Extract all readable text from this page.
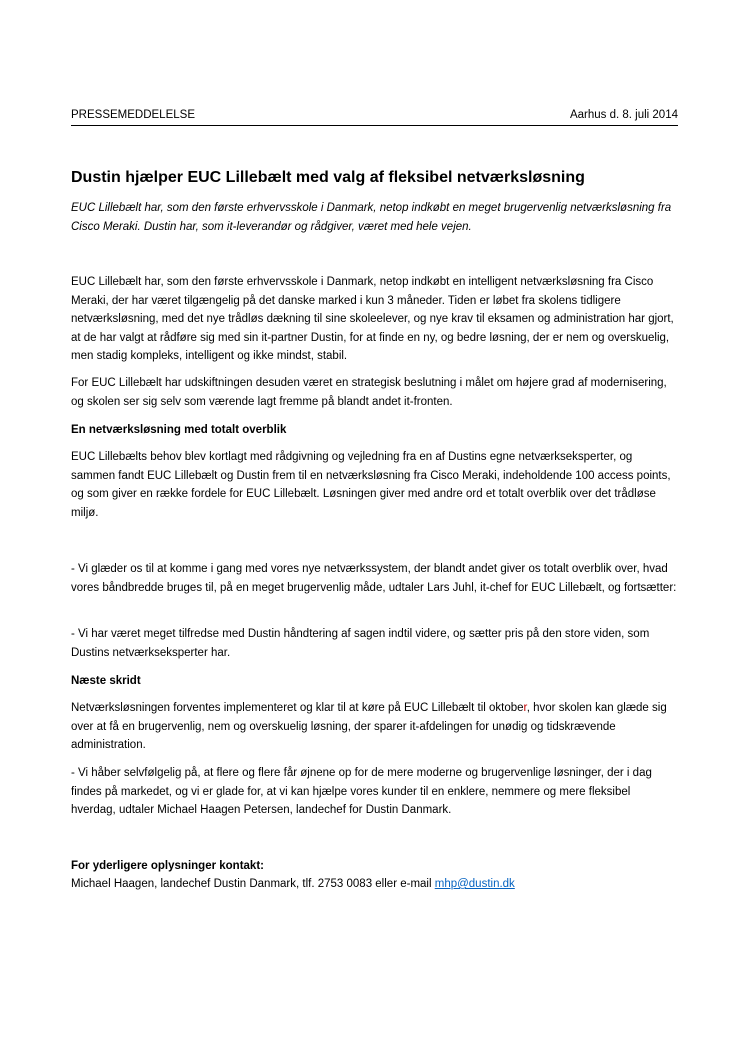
PRESSEMEDDELELSE	Aarhus d. 8. juli 2014
Dustin hjælper EUC Lillebælt med valg af fleksibel netværksløsning

EUC Lillebælt har, som den første erhvervsskole i Danmark, netop indkøbt en meget brugervenlig netværksløsning fra Cisco Meraki. Dustin har, som it-leverandør og rådgiver, været med hele vejen.

EUC Lillebælt har, som den første erhvervsskole i Danmark, netop indkøbt en intelligent netværksløsning fra Cisco Meraki, der har været tilgængelig på det danske marked i kun 3 måneder. Tiden er løbet fra skolens tidligere netværksløsning, med det nye trådløs dækning til sine skoleelever, og nye krav til eksamen og administration har gjort, at de har valgt at rådføre sig med sin it-partner Dustin, for at finde en ny, og bedre løsning, der er nem og overskuelig, men stadig kompleks, intelligent og ikke mindst, stabil.

For EUC Lillebælt har udskiftningen desuden været en strategisk beslutning i målet om højere grad af modernisering, og skolen ser sig selv som værende lagt fremme på blandt andet it-fronten.

En netværksløsning med totalt overblik

EUC Lillebælts behov blev kortlagt med rådgivning og vejledning fra en af Dustins egne netværkseksperter, og sammen fandt EUC Lillebælt og Dustin frem til en netværksløsning fra Cisco Meraki, indeholdende 100 access points, og som giver en række fordele for EUC Lillebælt. Løsningen giver med andre ord et totalt overblik over det trådløse miljø.

- Vi glæder os til at komme i gang med vores nye netværkssystem, der blandt andet giver os totalt overblik over, hvad vores båndbredde bruges til, på en meget brugervenlig måde, udtaler Lars Juhl, it-chef for EUC Lillebælt, og fortsætter:

- Vi har været meget tilfredse med Dustin håndtering af sagen indtil videre, og sætter pris på den store viden, som Dustins netværkseksperter har.

Næste skridt

Netværksløsningen forventes implementeret og klar til at køre på EUC Lillebælt til oktober, hvor skolen kan glæde sig over at få en brugervenlig, nem og overskuelig løsning, der sparer it-afdelingen for unødig og tidskrævende administration.

- Vi håber selvfølgelig på, at flere og flere får øjnene op for de mere moderne og brugervenlige løsninger, der i dag findes på markedet, og vi er glade for, at vi kan hjælpe vores kunder til en enklere, nemmere og mere fleksibel hverdag, udtaler Michael Haagen Petersen, landechef for Dustin Danmark.

For yderligere oplysninger kontakt:

Michael Haagen, landechef Dustin Danmark, tlf. 2753 0083 eller e-mail mhp@dustin.dk
